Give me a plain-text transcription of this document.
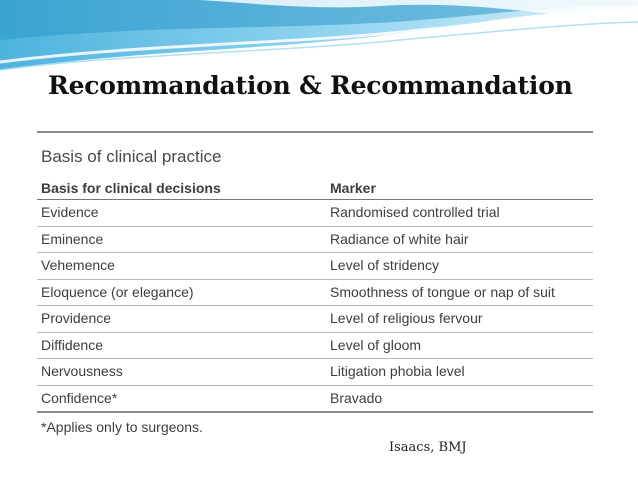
Recommandation & Recommandation
Basis of clinical practice
Basis for clinical decisions	Marker
Evidence	Randomised controlled trial
Eminence	Radiance of white hair
Vehemence	Level of stridency
Eloquence (or elegance)	Smoothness of tongue or nap of suit
Providence	Level of religious fervour
Diffidence	Level of gloom
Nervousness	Litigation phobia level
Confidence*	Bravado
*Applies only to surgeons.
Isaacs, BMJ
